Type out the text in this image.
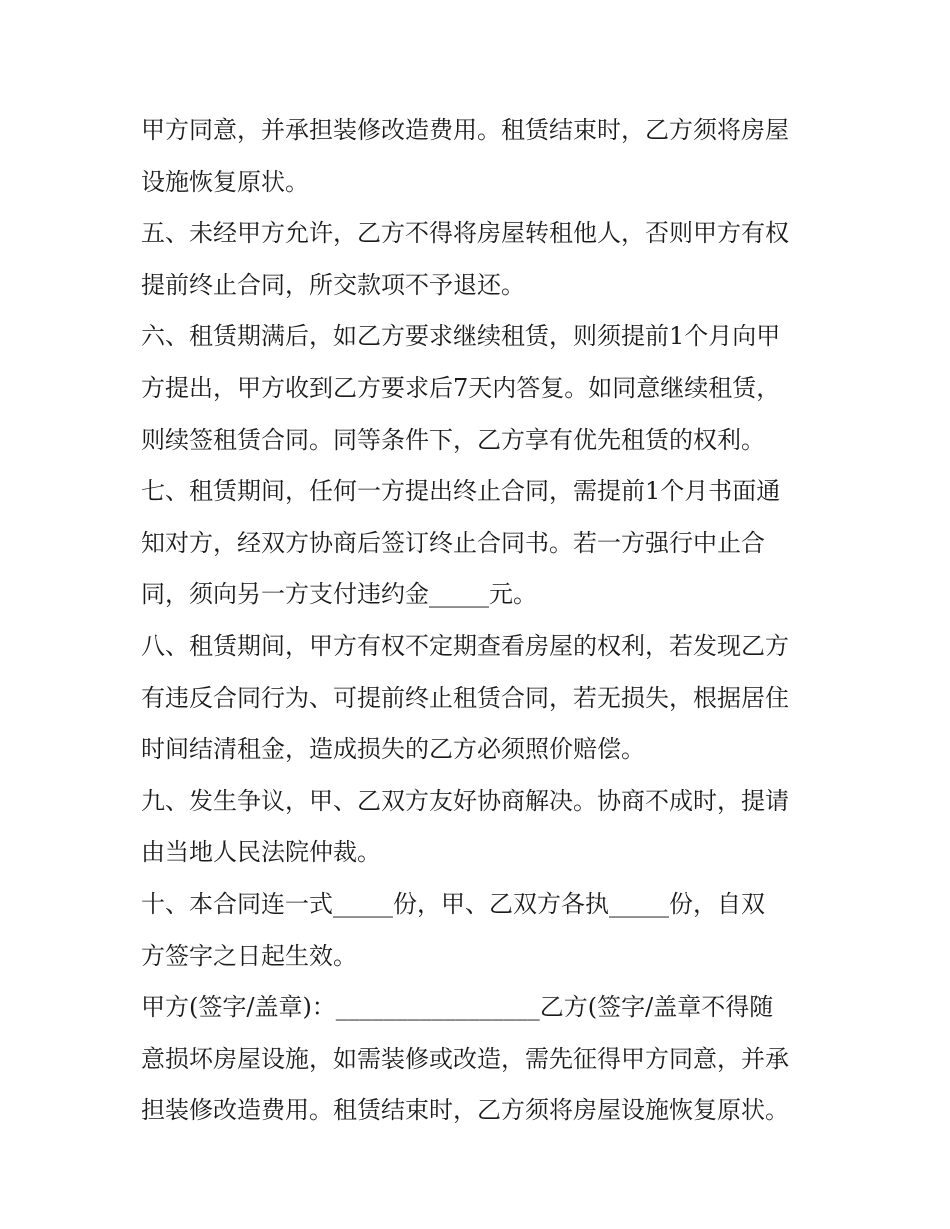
甲方同意，并承担装修改造费用。租赁结束时，乙方须将房屋
设施恢复原状。
五、未经甲方允许，乙方不得将房屋转租他人，否则甲方有权
提前终止合同，所交款项不予退还。
六、租赁期满后，如乙方要求继续租赁，则须提前1个月向甲
方提出，甲方收到乙方要求后7天内答复。如同意继续租赁，
则续签租赁合同。同等条件下，乙方享有优先租赁的权利。
七、租赁期间，任何一方提出终止合同，需提前1个月书面通
知对方，经双方协商后签订终止合同书。若一方强行中止合
同，须向另一方支付违约金_____元。
八、租赁期间，甲方有权不定期查看房屋的权利，若发现乙方
有违反合同行为、可提前终止租赁合同，若无损失，根据居住
时间结清租金，造成损失的乙方必须照价赔偿。
九、发生争议，甲、乙双方友好协商解决。协商不成时，提请
由当地人民法院仲裁。
十、本合同连一式_____份，甲、乙双方各执_____份，自双
方签字之日起生效。
甲方(签字/盖章)：_________________乙方(签字/盖章不得随
意损坏房屋设施，如需装修或改造，需先征得甲方同意，并承
担装修改造费用。租赁结束时，乙方须将房屋设施恢复原状。
